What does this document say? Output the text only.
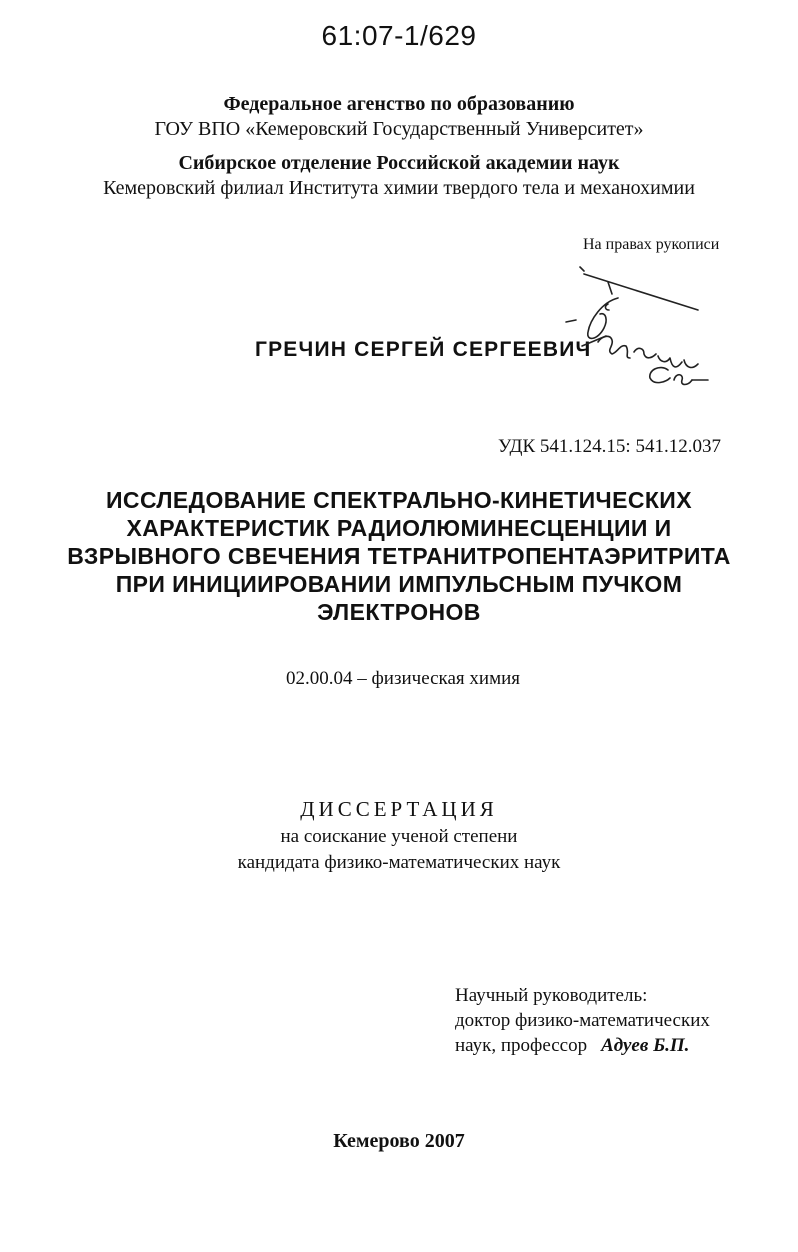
61:07-1/629
Федеральное агенство по образованию
ГОУ ВПО «Кемеровский Государственный Университет»
Сибирское отделение Российской академии наук
Кемеровский филиал Института химии твердого тела и механохимии
На правах рукописи
ГРЕЧИН СЕРГЕЙ СЕРГЕЕВИЧ
УДК 541.124.15: 541.12.037
ИССЛЕДОВАНИЕ СПЕКТРАЛЬНО-КИНЕТИЧЕСКИХ
ХАРАКТЕРИСТИК РАДИОЛЮМИНЕСЦЕНЦИИ И
ВЗРЫВНОГО СВЕЧЕНИЯ ТЕТРАНИТРОПЕНТАЭРИТРИТА
ПРИ ИНИЦИИРОВАНИИ ИМПУЛЬСНЫМ ПУЧКОМ
ЭЛЕКТРОНОВ
02.00.04 – физическая химия
ДИССЕРТАЦИЯ
на соискание ученой степени
кандидата физико-математических наук
Научный руководитель:
доктор физико-математических
наук, профессор Адуев Б.П.
Кемерово 2007
